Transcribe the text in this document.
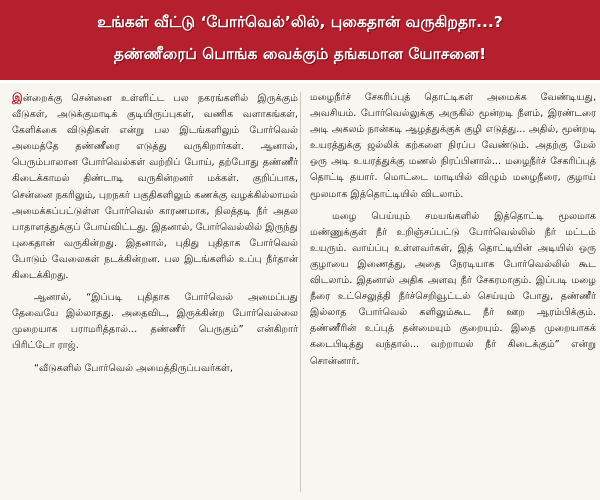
உங்கள் வீட்டு ‘போர்வெல்’லில், புகைதான் வருகிறதா...?
தண்ணீரைப் பொங்க வைக்கும் தங்கமான யோசனை!

இன்றைக்கு சென்னை உள்ளிட்ட பல நகரங்களில் இருக்கும் வீடுகள், அடுக்குமாடிக் குடியிருப்புகள், வணிக வளாகங்கள், கேளிக்கை விடுதிகள் என்று பல இடங்களிலும் போர்வெல் அமைத்தே தண்ணீரை எடுத்து வருகிறார்கள். ஆனால், பெரும்பாலான போர்வெல்கள் வற்றிப் போய், தற்போது தண்ணீர் கிடைக்காமல் திண்டாடி வருகின்றனர் மக்கள். குறிப்பாக, சென்னை நகரிலும், புறநகர் பகுதிகளிலும் கணக்கு வழக்கில்லாமல் அமைக்கப்பட்டுள்ள போர்வெல் காரணமாக, நிலத்தடி நீர் அதல பாதாளத்துக்குப் போய்விட்டது. இதனால், போர்வெல்லில் இருந்து புகைதான் வருகின்றது. இதனால், புதிது புதிதாக போர்வெல் போடும் வேலைகள் நடக்கின்றன. பல இடங்களில் உப்பு நீர்தான் கிடைக்கிறது.

ஆனால், “இப்படி புதிதாக போர்வெல் அமைப்பது தேவையே இல்லாதது. அதைவிட, இருக்கின்ற போர்வெல்லை முறையாக பராமரித்தால்... தண்ணீர் பெருகும்” என்கிறார் பிரிட்டோ ராஜ்.

“வீடுகளில் போர்வெல் அமைத்திருப்பவர்கள்,

மழைநீர்ச் சேகரிப்புத் தொட்டிகள் அமைக்க வேண்டியது, அவசியம். போர்வெல்லுக்கு அருகில் மூன்றடி நீளம், இரண்டரை அடி அகலம் நான்கடி ஆழத்துக்குக் குழி எடுத்து... அதில், மூன்றடி உயரத்துக்கு ஜல்லிக் கற்களை நிரப்ப வேண்டும். அதற்கு மேல் ஒரு அடி உயரத்துக்கு மணல் நிரப்பினால்... மழைநீர்ச் சேகரிப்புத் தொட்டி தயார். மொட்டை மாடியில் விழும் மழைநீரை, குழாய் மூலமாக இத்தொட்டியில் விடலாம்.

மழை பெய்யும் சமயங்களில் இத்தொட்டி மூலமாக மண்ணுக்குள் நீர் உறிஞ்சப்பட்டு போர்வெல்லில் நீர் மட்டம் உயரும். வாய்ப்பு உள்ளவர்கள், இத் தொட்டியின் அடியில் ஒரு குழாயை இணைத்து, அதை நேரடியாக போர்வெல்லில் கூட விடலாம். இதனால் அதிக அளவு நீர் சேகரமாகும். இப்படி மழை நீரை உட்செலுத்தி நீர்ச்செறிவூட்டல் செய்யும் போது, தண்ணீர் இல்லாத போர்வெல் களிலும்கூட நீர் ஊற ஆரம்பிக்கும். தண்ணீரின் உப்புத் தன்மையும் குறையும். இதை முறையாகக் கடைபிடித்து வந்தால்... வற்றாமல் நீர் கிடைக்கும்” என்று சொன்னார்.
